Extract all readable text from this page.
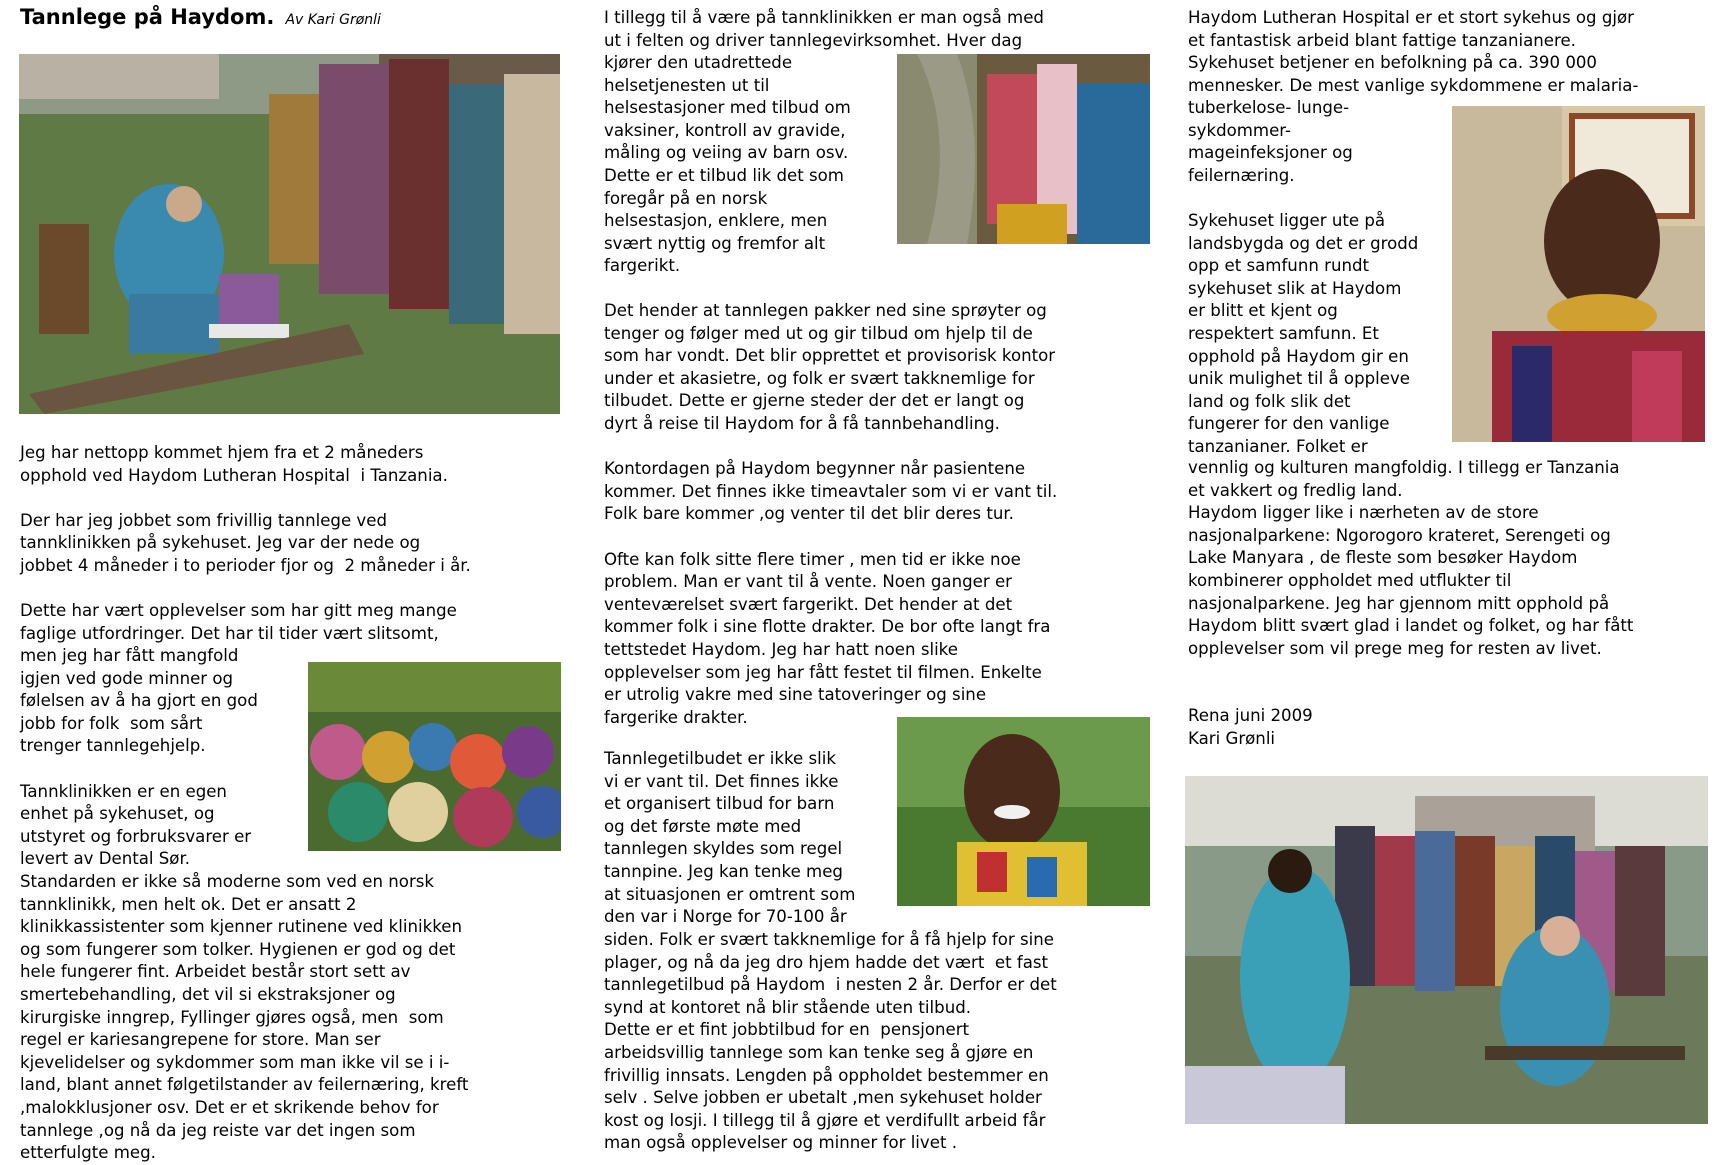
Tannlege på Haydom. Av Kari Grønli

Jeg har nettopp kommet hjem fra et 2 måneders
opphold ved Haydom Lutheran Hospital  i Tanzania.

Der har jeg jobbet som frivillig tannlege ved
tannklinikken på sykehuset. Jeg var der nede og
jobbet 4 måneder i to perioder fjor og  2 måneder i år.

Dette har vært opplevelser som har gitt meg mange
faglige utfordringer. Det har til tider vært slitsomt,

men jeg har fått mangfold
igjen ved gode minner og
følelsen av å ha gjort en god
jobb for folk  som sårt
trenger tannlegehjelp.

Tannklinikken er en egen
enhet på sykehuset, og
utstyret og forbruksvarer er
levert av Dental Sør.

Standarden er ikke så moderne som ved en norsk
tannklinikk, men helt ok. Det er ansatt 2
klinikkassistenter som kjenner rutinene ved klinikken
og som fungerer som tolker. Hygienen er god og det
hele fungerer fint. Arbeidet består stort sett av
smertebehandling, det vil si ekstraksjoner og
kirurgiske inngrep, Fyllinger gjøres også, men  som
regel er kariesangrepene for store. Man ser
kjevelidelser og sykdommer som man ikke vil se i i-
land, blant annet følgetilstander av feilernæring, kreft
,malokklusjoner osv. Det er et skrikende behov for
tannlege ,og nå da jeg reiste var det ingen som
etterfulgte meg.

I tillegg til å være på tannklinikken er man også med
ut i felten og driver tannlegevirksomhet. Hver dag

kjører den utadrettede
helsetjenesten ut til
helsestasjoner med tilbud om
vaksiner, kontroll av gravide,
måling og veiing av barn osv.
Dette er et tilbud lik det som
foregår på en norsk
helsestasjon, enklere, men
svært nyttig og fremfor alt
fargerikt.

Det hender at tannlegen pakker ned sine sprøyter og
tenger og følger med ut og gir tilbud om hjelp til de
som har vondt. Det blir opprettet et provisorisk kontor
under et akasietre, og folk er svært takknemlige for
tilbudet. Dette er gjerne steder der det er langt og
dyrt å reise til Haydom for å få tannbehandling.

Kontordagen på Haydom begynner når pasientene
kommer. Det finnes ikke timeavtaler som vi er vant til.
Folk bare kommer ,og venter til det blir deres tur.

Ofte kan folk sitte flere timer , men tid er ikke noe
problem. Man er vant til å vente. Noen ganger er
venteværelset svært fargerikt. Det hender at det
kommer folk i sine flotte drakter. De bor ofte langt fra
tettstedet Haydom. Jeg har hatt noen slike
opplevelser som jeg har fått festet til filmen. Enkelte
er utrolig vakre med sine tatoveringer og sine
fargerike drakter.

Tannlegetilbudet er ikke slik
vi er vant til. Det finnes ikke
et organisert tilbud for barn
og det første møte med
tannlegen skyldes som regel
tannpine. Jeg kan tenke meg
at situasjonen er omtrent som
den var i Norge for 70-100 år

siden. Folk er svært takknemlige for å få hjelp for sine
plager, og nå da jeg dro hjem hadde det vært  et fast
tannlegetilbud på Haydom  i nesten 2 år. Derfor er det
synd at kontoret nå blir stående uten tilbud.
Dette er et fint jobbtilbud for en  pensjonert
arbeidsvillig tannlege som kan tenke seg å gjøre en
frivillig innsats. Lengden på oppholdet bestemmer en
selv . Selve jobben er ubetalt ,men sykehuset holder
kost og losji. I tillegg til å gjøre et verdifullt arbeid får
man også opplevelser og minner for livet .

Haydom Lutheran Hospital er et stort sykehus og gjør
et fantastisk arbeid blant fattige tanzanianere.
Sykehuset betjener en befolkning på ca. 390 000
mennesker. De mest vanlige sykdommene er malaria-

tuberkelose- lunge-
sykdommer-
mageinfeksjoner og
feilernæring.

Sykehuset ligger ute på
landsbygda og det er grodd
opp et samfunn rundt
sykehuset slik at Haydom
er blitt et kjent og
respektert samfunn. Et
opphold på Haydom gir en
unik mulighet til å oppleve
land og folk slik det
fungerer for den vanlige
tanzanianer. Folket er

vennlig og kulturen mangfoldig. I tillegg er Tanzania
et vakkert og fredlig land.
Haydom ligger like i nærheten av de store
nasjonalparkene: Ngorogoro krateret, Serengeti og
Lake Manyara , de fleste som besøker Haydom
kombinerer oppholdet med utflukter til
nasjonalparkene. Jeg har gjennom mitt opphold på
Haydom blitt svært glad i landet og folket, og har fått
opplevelser som vil prege meg for resten av livet.

Rena juni 2009

Kari Grønli
